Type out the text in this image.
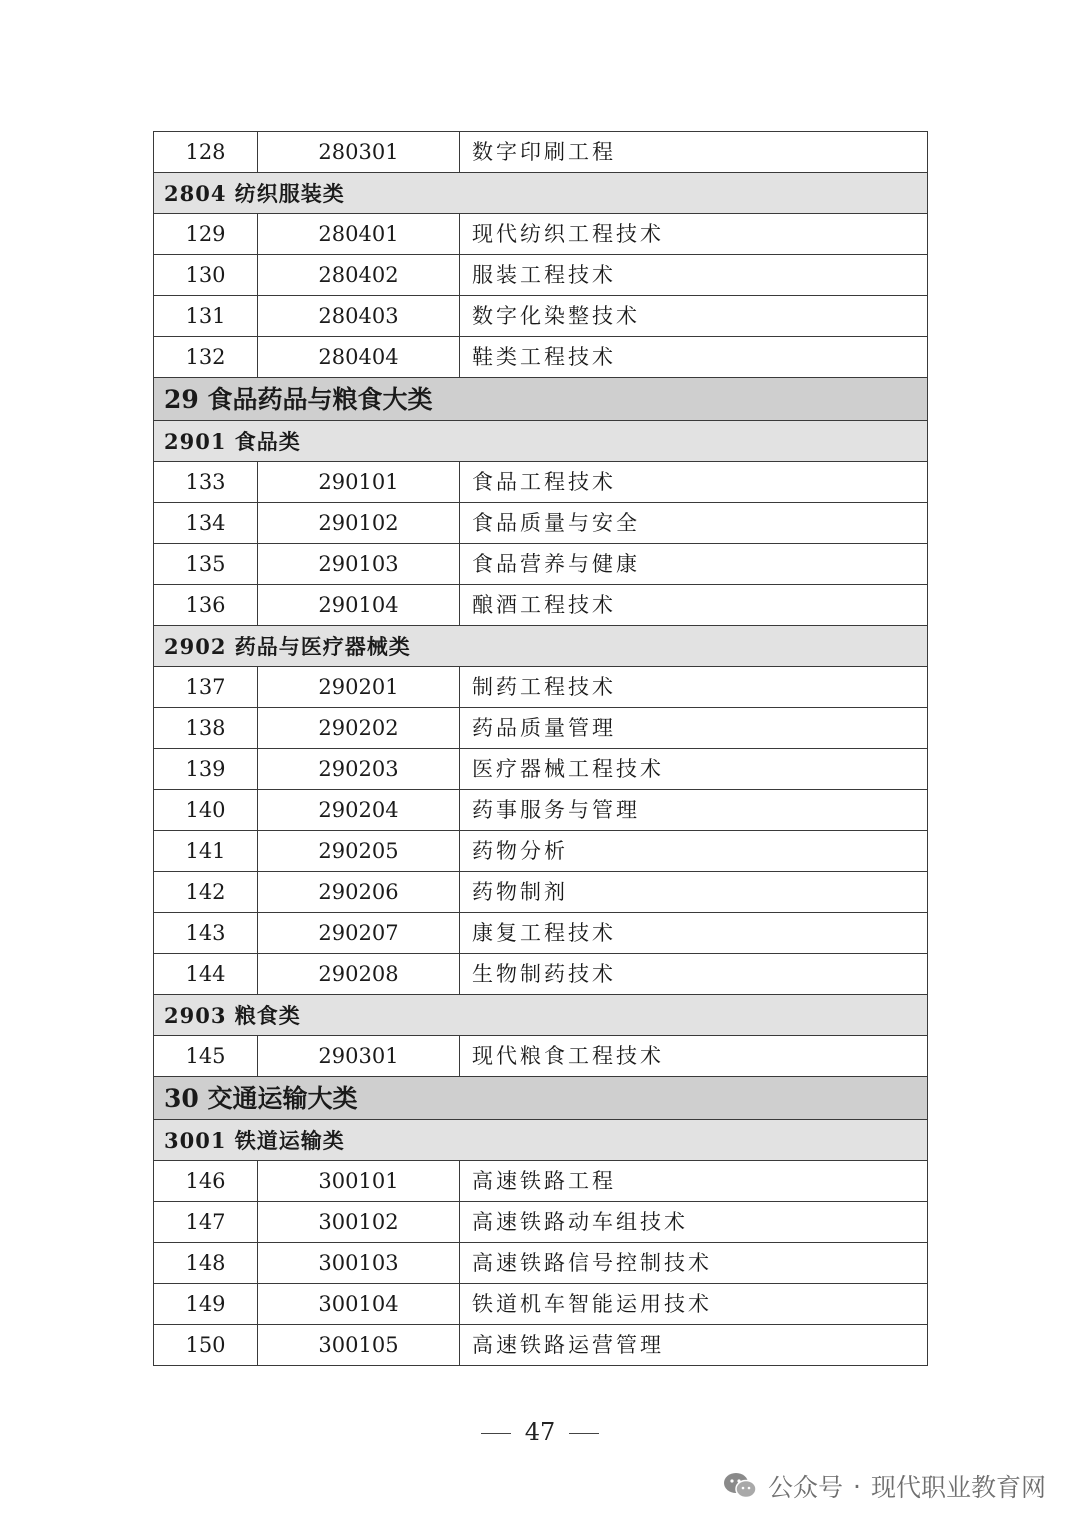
128	280301	数字印刷工程
2804 纺织服装类		
129	280401	现代纺织工程技术
130	280402	服装工程技术
131	280403	数字化染整技术
132	280404	鞋类工程技术
29 食品药品与粮食大类		
2901 食品类		
133	290101	食品工程技术
134	290102	食品质量与安全
135	290103	食品营养与健康
136	290104	酿酒工程技术
2902 药品与医疗器械类		
137	290201	制药工程技术
138	290202	药品质量管理
139	290203	医疗器械工程技术
140	290204	药事服务与管理
141	290205	药物分析
142	290206	药物制剂
143	290207	康复工程技术
144	290208	生物制药技术
2903 粮食类		
145	290301	现代粮食工程技术
30 交通运输大类		
3001 铁道运输类		
146	300101	高速铁路工程
147	300102	高速铁路动车组技术
148	300103	高速铁路信号控制技术
149	300104	铁道机车智能运用技术
150	300105	高速铁路运营管理
47
公众号 · 现代职业教育网
